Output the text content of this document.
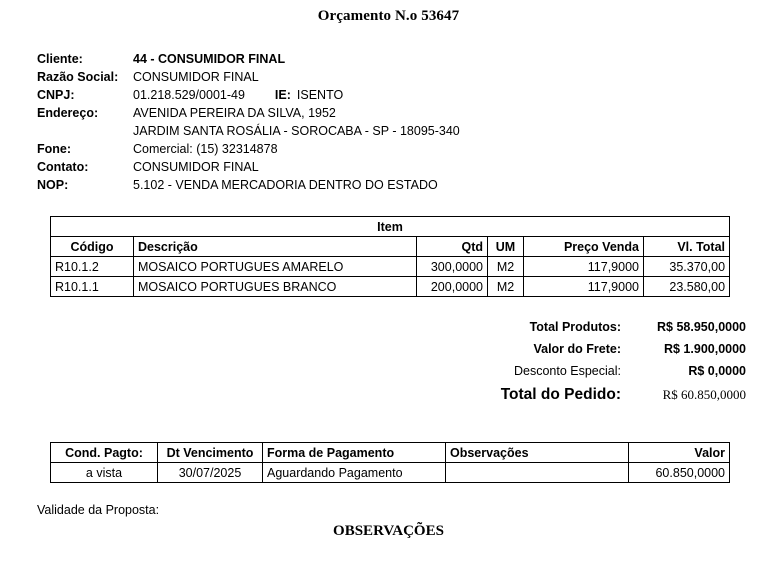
Orçamento N.o 53647
Cliente:	44 - CONSUMIDOR FINAL
Razão Social:	CONSUMIDOR FINAL
CNPJ:	01.218.529/0001-49 IE: ISENTO
Endereço:	AVENIDA PEREIRA DA SILVA, 1952
JARDIM SANTA ROSÁLIA - SOROCABA - SP - 18095-340
Fone:	Comercial: (15) 32314878
Contato:	CONSUMIDOR FINAL
NOP:	5.102 - VENDA MERCADORIA DENTRO DO ESTADO
Item					
Código	Descrição	Qtd	UM	Preço Venda	Vl. Total
R10.1.2	MOSAICO PORTUGUES AMARELO	300,0000	M2	117,9000	35.370,00
R10.1.1	MOSAICO PORTUGUES BRANCO	200,0000	M2	117,9000	23.580,00
Total Produtos:	R$ 58.950,0000
Valor do Frete:	R$ 1.900,0000
Desconto Especial:	R$ 0,0000
Total do Pedido:	R$ 60.850,0000
Cond. Pagto:	Dt Vencimento	Forma de Pagamento	Observações	Valor
a vista	30/07/2025	Aguardando Pagamento		60.850,0000
Validade da Proposta:
OBSERVAÇÕES
